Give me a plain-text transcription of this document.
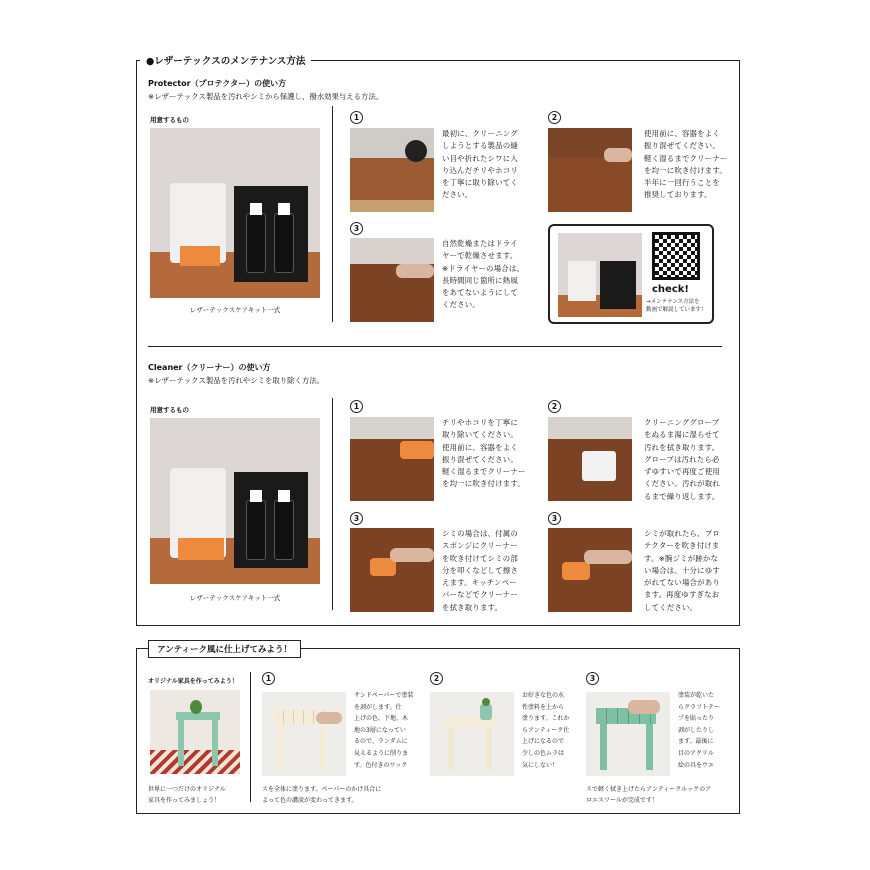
●レザーテックスのメンテナンス方法
Protector（プロテクター）の使い方
※レザーテックス製品を汚れやシミから保護し、撥水効果与える方法。
用意するもの
レザーテックスケアキット一式
1
最初に、クリーニング
しようとする製品の縫
い目や折れたシワに入
り込んだチリやホコリ
を丁寧に取り除いてく
ださい。
2
使用前に、容器をよく
振り混ぜてください。
軽く湿るまでクリーナー
を均一に吹き付けます。
半年に一回行うことを
推奨しております。
3
自然乾燥またはドライ
ヤーで乾燥させます。
※ドライヤーの場合は、
長時間同じ箇所に熱風
をあてないようにして
ください。
check!
→メンテナンス方法を
動画で解説しています！
Cleaner（クリーナー）の使い方
※レザーテックス製品を汚れやシミを取り除く方法。
用意するもの
レザーテックスケアキット一式
1
チリやホコリを丁寧に
取り除いてください。
使用前に、容器をよく
振り混ぜてください。
軽く湿るまでクリーナー
を均一に吹き付けます。
2
クリーニンググローブ
をぬるま湯に湿らせて
汚れを拭き取ります。
グローブは汚れたら必
ずゆすいで再度ご使用
ください。汚れが取れ
るまで繰り返します。
3
シミの場合は、付属の
スポンジにクリーナー
を吹き付けてシミの部
分を叩くなどして擦さ
えます。キッチンペー
パーなどでクリーナー
を拭き取ります。
3
シミが取れたら、プロ
テクターを吹き付けま
す。※腕ジミが跡かな
い場合は、十分にゆす
がれてない場合があり
ます。再度ゆすぎなお
してください。
アンティーク風に仕上げてみよう！
オリジナル家具を作ってみよう！
世界に一つだけのオリジナル
家具を作ってみましょう！
1
サンドペーパーで塗装
を剥がします。仕
上げの色、下地、木
地の3層になってい
るので、ランダムに
見えるように削りま
す。色付きのワック
スを全体に塗ります。ペーパーのかけ具合に
よって色の濃淡が変わってきます。
2
お好きな色の水
性塗料を上から
塗ります。これか
らアンティーク仕
上げになるので
少しの色ムラは
気にしない！
3
塗装が乾いた
らクラフトテー
プを貼ったり
剥がしたりし
ます。最後に
目のアクリル
絵の具をウエ
スで軽く拭き上げたらアンティークルックのア
ロエスツールが完成です！
